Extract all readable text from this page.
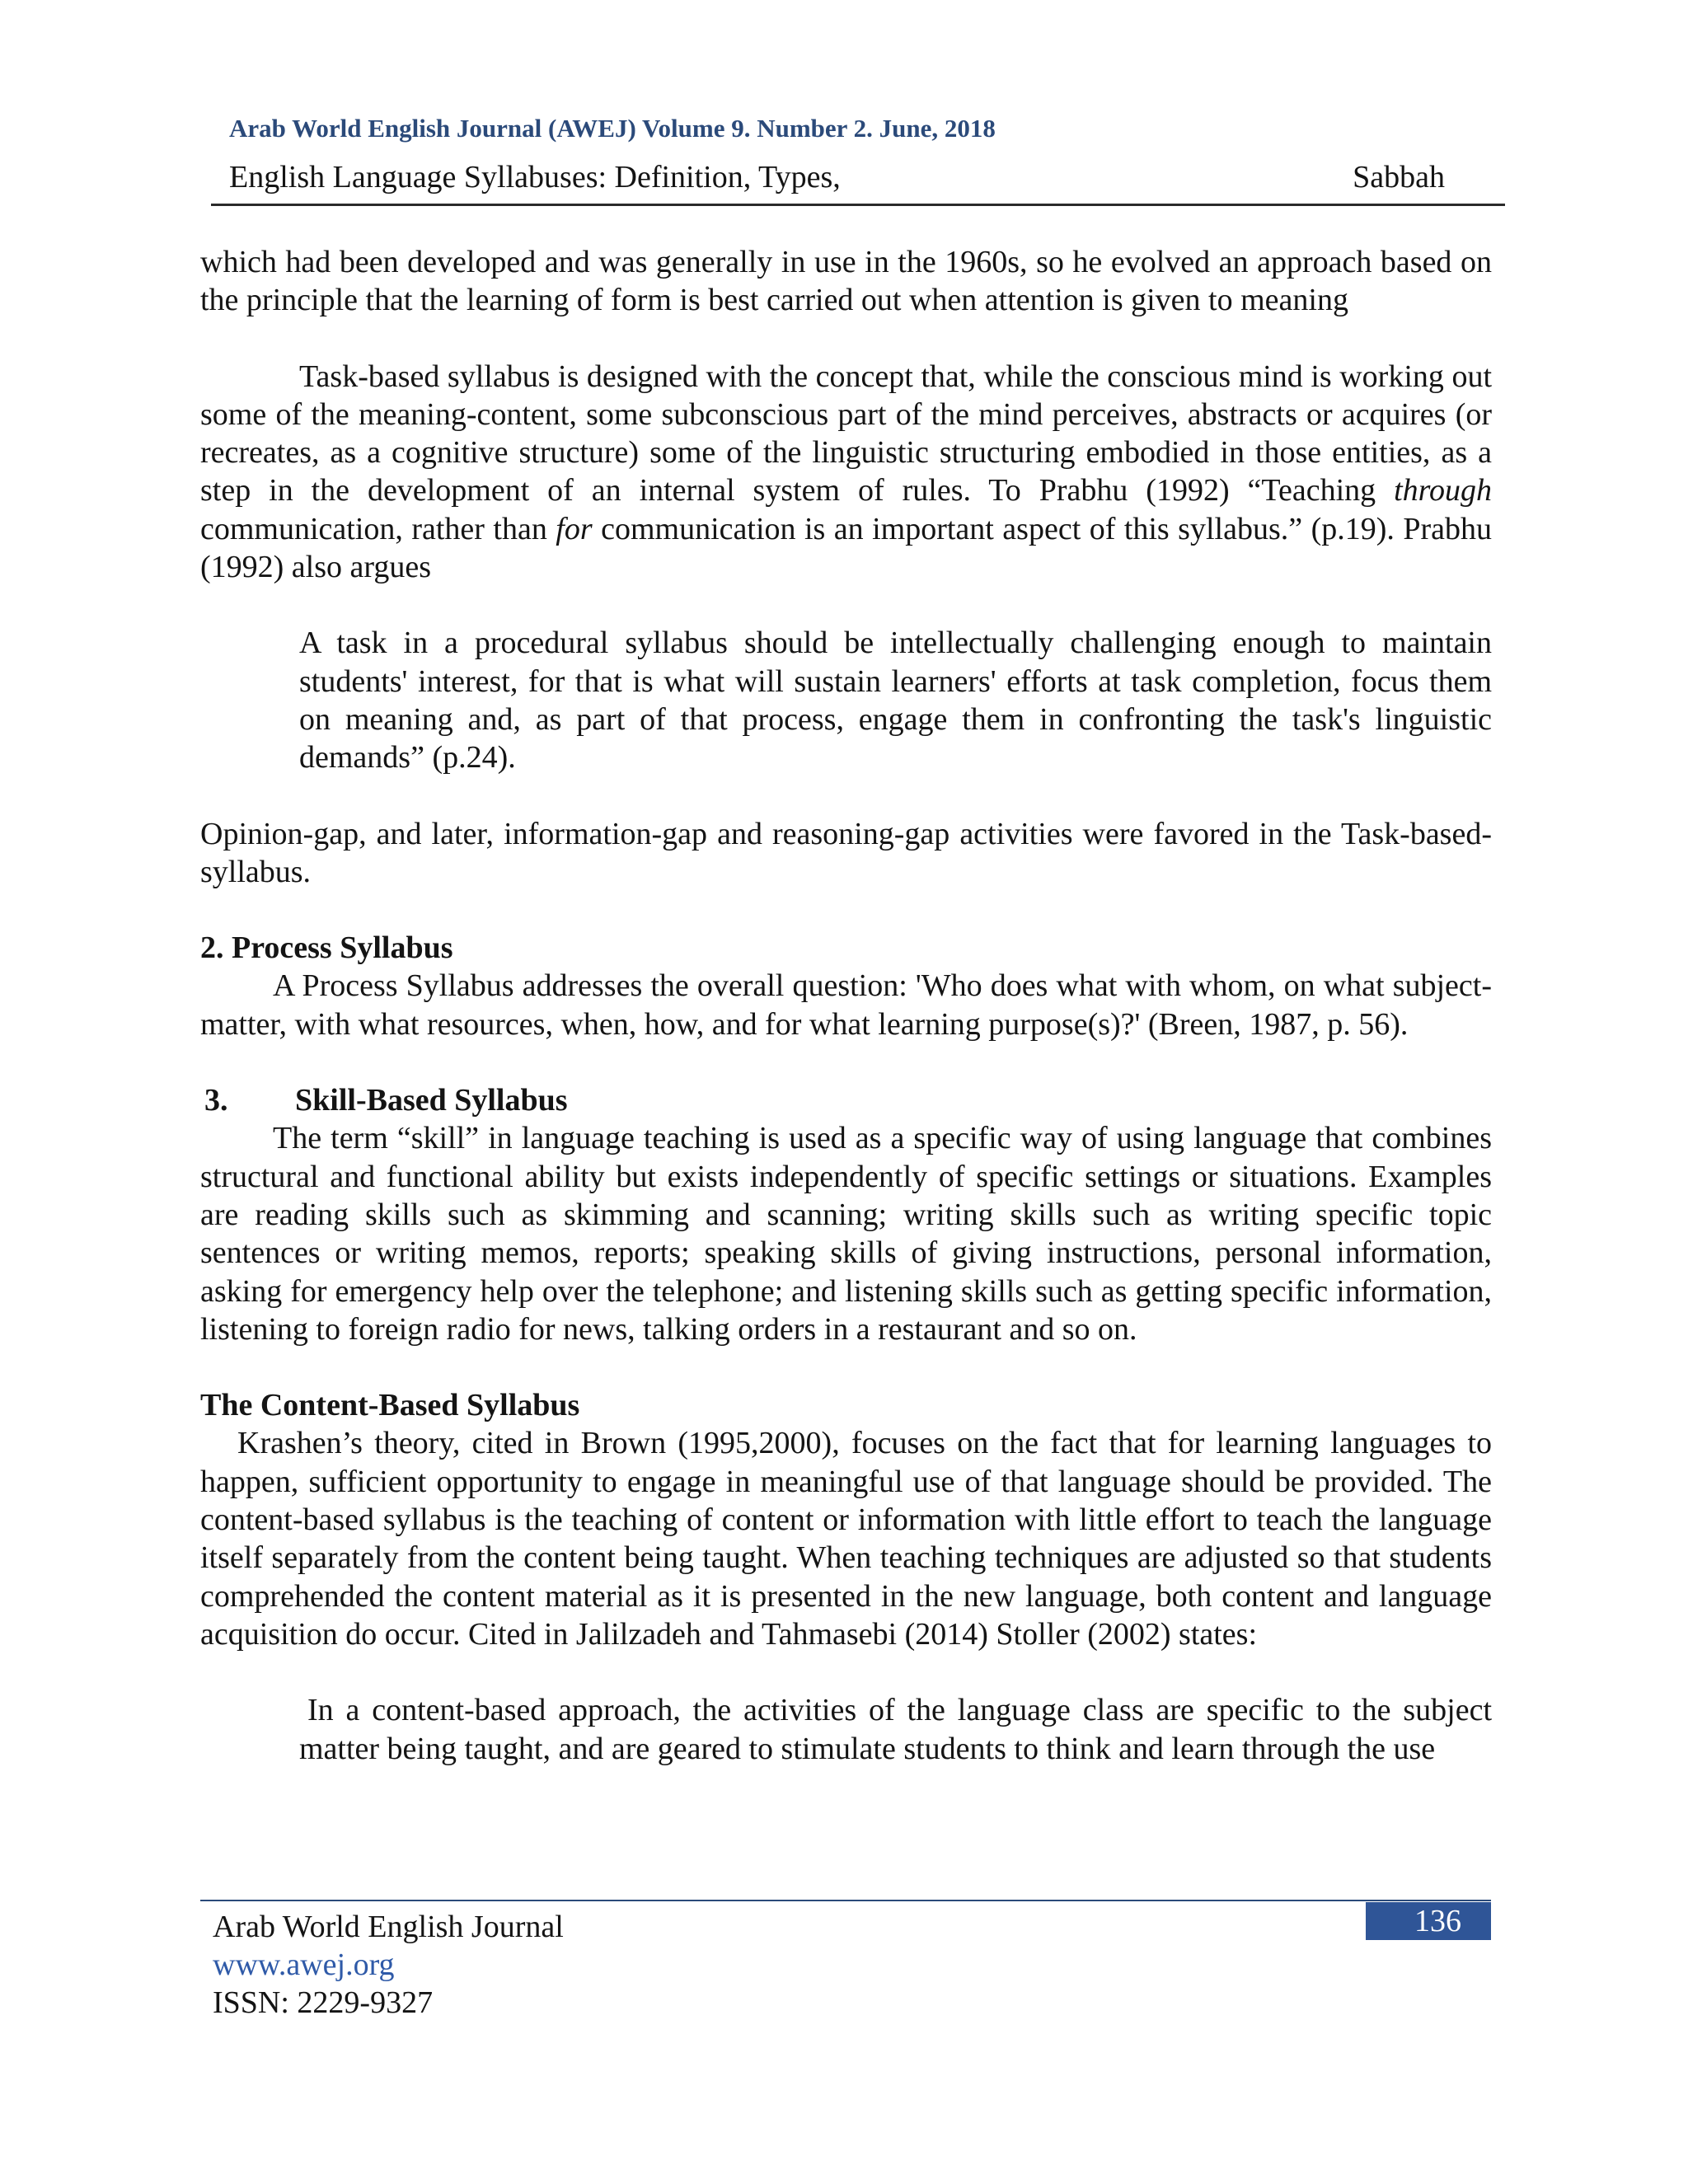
Arab World English Journal (AWEJ) Volume 9. Number 2. June, 2018
English Language Syllabuses: Definition, Types,	Sabbah

which had been developed and was generally in use in the 1960s, so he evolved an approach based on the principle that the learning of form is best carried out when attention is given to meaning

Task-based syllabus is designed with the concept that, while the conscious mind is working out some of the meaning-content, some subconscious part of the mind perceives, abstracts or acquires (or recreates, as a cognitive structure) some of the linguistic structuring embodied in those entities, as a step in the development of an internal system of rules. To Prabhu (1992) “Teaching through communication, rather than for communication is an important aspect of this syllabus.” (p.19). Prabhu (1992) also argues

A task in a procedural syllabus should be intellectually challenging enough to maintain students' interest, for that is what will sustain learners' efforts at task completion, focus them on meaning and, as part of that process, engage them in confronting the task's linguistic demands” (p.24).

Opinion-gap, and later, information-gap and reasoning-gap activities were favored in the Task-based-syllabus.

2. Process Syllabus

A Process Syllabus addresses the overall question: 'Who does what with whom, on what subject- matter, with what resources, when, how, and for what learning purpose(s)?' (Breen, 1987, p. 56).

3. Skill-Based Syllabus

The term “skill” in language teaching is used as a specific way of using language that combines structural and functional ability but exists independently of specific settings or situations. Examples are reading skills such as skimming and scanning; writing skills such as writing specific topic sentences or writing memos, reports; speaking skills of giving instructions, personal information, asking for emergency help over the telephone; and listening skills such as getting specific information, listening to foreign radio for news, talking orders in a restaurant and so on.

The Content-Based Syllabus

Krashen’s theory, cited in Brown (1995,2000), focuses on the fact that for learning languages to happen, sufficient opportunity to engage in meaningful use of that language should be provided. The content-based syllabus is the teaching of content or information with little effort to teach the language itself separately from the content being taught. When teaching techniques are adjusted so that students comprehended the content material as it is presented in the new language, both content and language acquisition do occur. Cited in Jalilzadeh and Tahmasebi (2014) Stoller (2002) states:

In a content-based approach, the activities of the language class are specific to the subject matter being taught, and are geared to stimulate students to think and learn through the use

Arab World English Journal
www.awej.org
ISSN: 2229-9327
136
